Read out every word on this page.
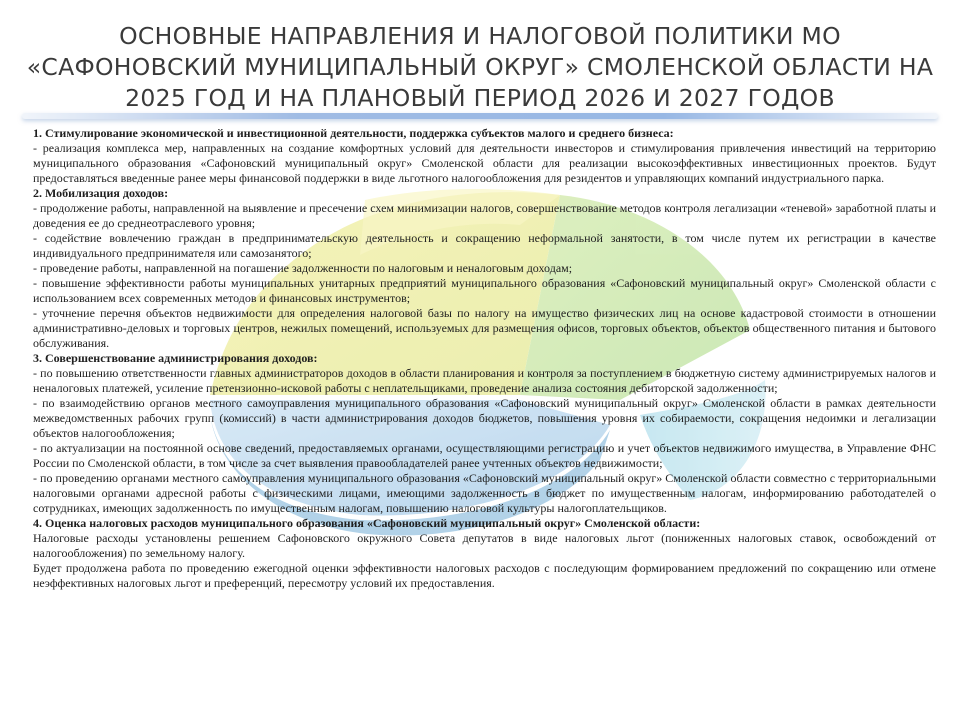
ОСНОВНЫЕ НАПРАВЛЕНИЯ И НАЛОГОВОЙ ПОЛИТИКИ МО
«САФОНОВСКИЙ МУНИЦИПАЛЬНЫЙ ОКРУГ» СМОЛЕНСКОЙ ОБЛАСТИ НА
2025 ГОД И НА ПЛАНОВЫЙ ПЕРИОД 2026 И 2027 ГОДОВ

1. Стимулирование экономической и инвестиционной деятельности, поддержка субъектов малого и среднего бизнеса:

- реализация комплекса мер, направленных на создание комфортных условий для деятельности инвесторов и стимулирования привлечения инвестиций на территорию муниципального образования «Сафоновский муниципальный округ» Смоленской области для реализации высокоэффективных инвестиционных проектов. Будут предоставляться введенные ранее меры финансовой поддержки в виде льготного налогообложения для резидентов и управляющих компаний индустриального парка.

2. Мобилизация доходов:

- продолжение работы, направленной на выявление и пресечение схем минимизации налогов, совершенствование методов контроля легализации «теневой» заработной платы и доведения ее до среднеотраслевого уровня;

- содействие вовлечению граждан в предпринимательскую деятельность и сокращению неформальной занятости, в том числе путем их регистрации в качестве индивидуального предпринимателя или самозанятого;

- проведение работы, направленной на погашение задолженности по налоговым и неналоговым доходам;

- повышение эффективности работы муниципальных унитарных предприятий муниципального образования «Сафоновский муниципальный округ» Смоленской области с использованием всех современных методов и финансовых инструментов;

- уточнение перечня объектов недвижимости для определения налоговой базы по налогу на имущество физических лиц на основе кадастровой стоимости в отношении административно-деловых и торговых центров, нежилых помещений, используемых для размещения офисов, торговых объектов, объектов общественного питания и бытового обслуживания.

3. Совершенствование администрирования доходов:

- по повышению ответственности главных администраторов доходов в области планирования и контроля за поступлением в бюджетную систему администрируемых налогов и неналоговых платежей, усиление претензионно-исковой работы с неплательщиками, проведение анализа состояния дебиторской задолженности;

- по взаимодействию органов местного самоуправления муниципального образования «Сафоновский муниципальный округ» Смоленской области в рамках деятельности межведомственных рабочих групп (комиссий) в части администрирования доходов бюджетов, повышения уровня их собираемости, сокращения недоимки и легализации объектов налогообложения;

- по актуализации на постоянной основе сведений, предоставляемых органами, осуществляющими регистрацию и учет объектов недвижимого имущества, в Управление ФНС России по Смоленской области, в том числе за счет выявления правообладателей ранее учтенных объектов недвижимости;

- по проведению органами местного самоуправления муниципального образования «Сафоновский муниципальный округ» Смоленской области совместно с территориальными налоговыми органами адресной работы с физическими лицами, имеющими задолженность в бюджет по имущественным налогам, информированию работодателей о сотрудниках, имеющих задолженность по имущественным налогам, повышению налоговой культуры налогоплательщиков.

4. Оценка налоговых расходов муниципального образования «Сафоновский муниципальный округ» Смоленской области:

Налоговые расходы установлены решением Сафоновского окружного Совета депутатов в виде налоговых льгот (пониженных налоговых ставок, освобождений от налогообложения) по земельному налогу.

Будет продолжена работа по проведению ежегодной оценки эффективности налоговых расходов с последующим формированием предложений по сокращению или отмене неэффективных налоговых льгот и преференций, пересмотру условий их предоставления.
